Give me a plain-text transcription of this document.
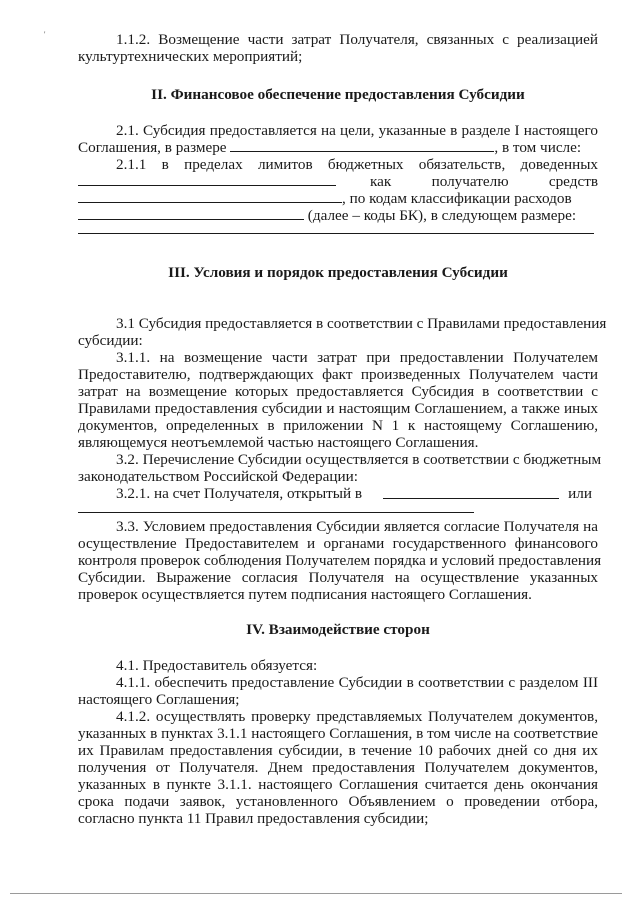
'	1.1.2. Возмещение части затрат Получателя, связанных с реализацией
культуртехнических мероприятий;
II. Финансовое обеспечение предоставления Субсидии
2.1. Субсидия предоставляется на цели, указанные в разделе I настоящего
Соглашения, в размере	, в том числе:
2.1.1 в пределах лимитов бюджетных обязательств, доведенных
как получателю средств
, по кодам классификации расходов
(далее – коды БК), в следующем размере:
III. Условия и порядок предоставления Субсидии
3.1 Субсидия предоставляется в соответствии с Правилами предоставления
субсидии:
3.1.1. на возмещение части затрат при предоставлении Получателем
Предоставителю, подтверждающих факт произведенных Получателем части
затрат на возмещение которых предоставляется Субсидия в соответствии с
Правилами предоставления субсидии и настоящим Соглашением, а также иных
документов, определенных в приложении N 1 к настоящему Соглашению,
являющемуся неотъемлемой частью настоящего Соглашения.
3.2. Перечисление Субсидии осуществляется в соответствии с бюджетным
законодательством Российской Федерации:
3.2.1. на счет Получателя, открытый в	или
3.3. Условием предоставления Субсидии является согласие Получателя на
осуществление Предоставителем и органами государственного финансового
контроля проверок соблюдения Получателем порядка и условий предоставления
Субсидии. Выражение согласия Получателя на осуществление указанных
проверок осуществляется путем подписания настоящего Соглашения.
IV. Взаимодействие сторон
4.1. Предоставитель обязуется:
4.1.1. обеспечить предоставление Субсидии в соответствии с разделом III
настоящего Соглашения;
4.1.2. осуществлять проверку представляемых Получателем документов,
указанных в пунктах 3.1.1 настоящего Соглашения, в том числе на соответствие
их Правилам предоставления субсидии, в течение 10 рабочих дней со дня их
получения от Получателя. Днем предоставления Получателем документов,
указанных в пункте 3.1.1. настоящего Соглашения считается день окончания
срока подачи заявок, установленного Объявлением о проведении отбора,
согласно пункта 11 Правил предоставления субсидии;
